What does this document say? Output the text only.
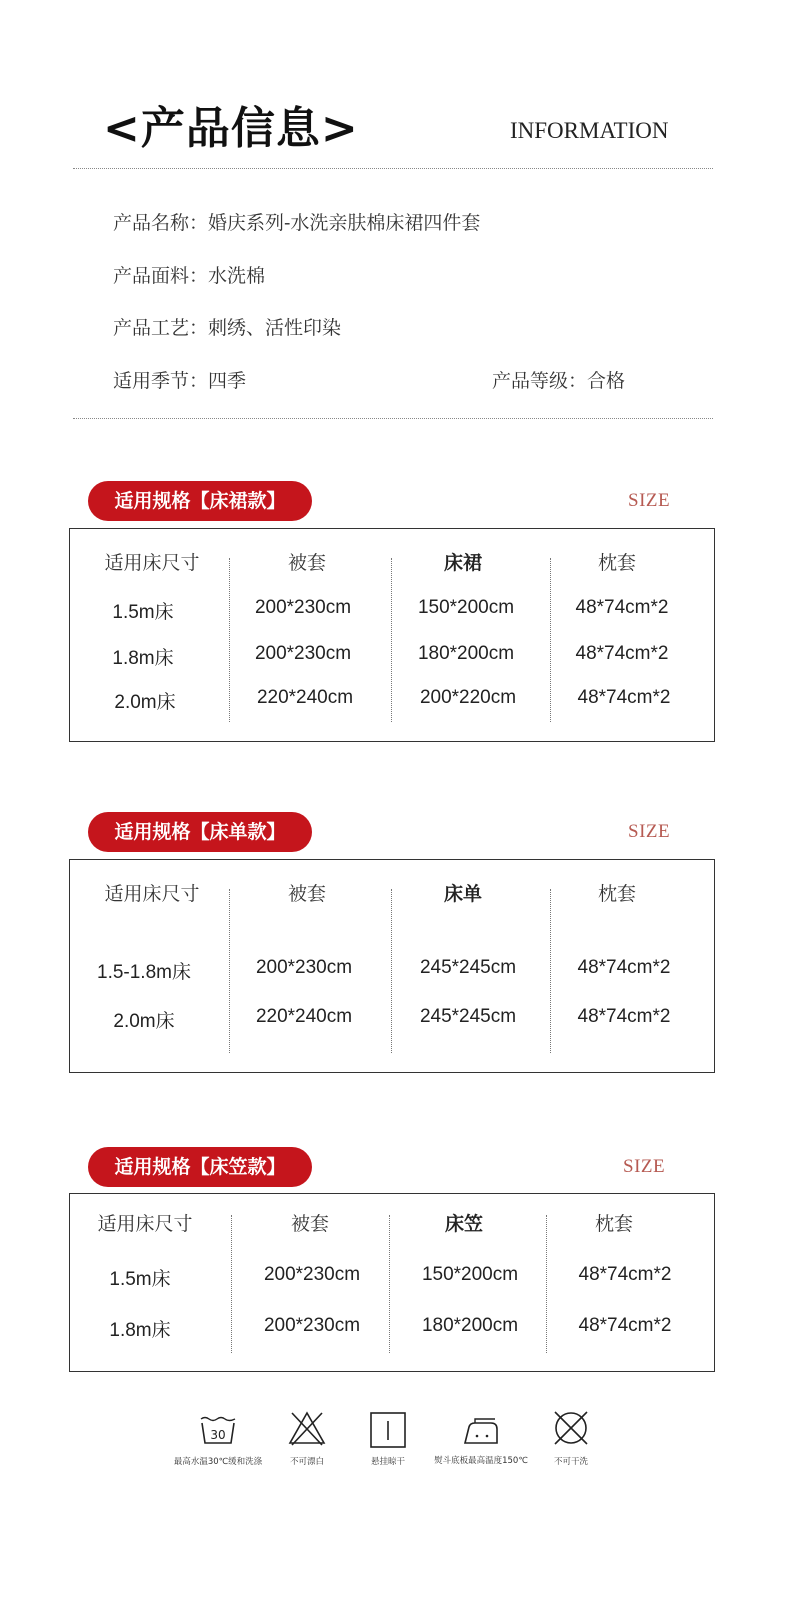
<产品信息>	INFORMATION
产品名称：婚庆系列-水洗亲肤棉床裙四件套
产品面料：水洗棉
产品工艺：刺绣、活性印染
适用季节：四季	产品等级：合格
适用规格【床裙款】	SIZE
适用床尺寸	被套	床裙	枕套
1.5m床	200*230cm	150*200cm	48*74cm*2
1.8m床	200*230cm	180*200cm	48*74cm*2
2.0m床	220*240cm	200*220cm	48*74cm*2
适用规格【床单款】	SIZE
适用床尺寸	被套	床单	枕套
1.5-1.8m床	200*230cm	245*245cm	48*74cm*2
2.0m床	220*240cm	245*245cm	48*74cm*2
适用规格【床笠款】	SIZE
适用床尺寸	被套	床笠	枕套
1.5m床	200*230cm	150*200cm	48*74cm*2
1.8m床	200*230cm	180*200cm	48*74cm*2
30
最高水温30℃缓和洗涤	不可漂白	悬挂晾干	熨斗底板最高温度150℃	不可干洗
